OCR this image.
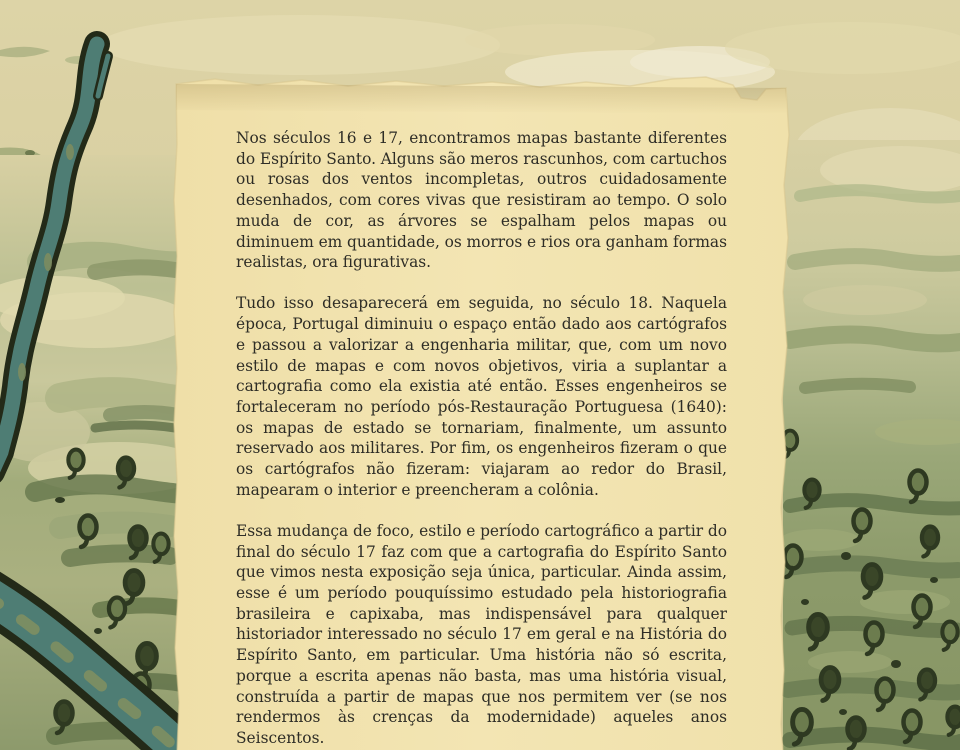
Nos séculos 16 e 17, encontramos mapas bastante diferentes do Espírito Santo. Alguns são meros rascunhos, com cartuchos ou rosas dos ventos incompletas, outros cuidadosamente desenhados, com cores vivas que resistiram ao tempo. O solo muda de cor, as árvores se espalham pelos mapas ou diminuem em quantidade, os morros e rios ora ganham formas realistas, ora figurativas.

Tudo isso desaparecerá em seguida, no século 18. Naquela época, Portugal diminuiu o espaço então dado aos cartógrafos e passou a valorizar a engenharia militar, que, com um novo estilo de mapas e com novos objetivos, viria a suplantar a cartografia como ela existia até então. Esses engenheiros se fortaleceram no período pós-Restauração Portuguesa (1640): os mapas de estado se tornariam, finalmente, um assunto reservado aos militares. Por fim, os engenheiros fizeram o que os cartógrafos não fizeram: viajaram ao redor do Brasil, mapearam o interior e preencheram a colônia.

Essa mudança de foco, estilo e período cartográfico a partir do final do século 17 faz com que a cartografia do Espírito Santo que vimos nesta exposição seja única, particular. Ainda assim, esse é um período pouquíssimo estudado pela historiografia brasileira e capixaba, mas indispensável para qualquer historiador interessado no século 17 em geral e na História do Espírito Santo, em particular. Uma história não só escrita, porque a escrita apenas não basta, mas uma história visual, construída a partir de mapas que nos permitem ver (se nos rendermos às crenças da modernidade) aqueles anos Seiscentos.
